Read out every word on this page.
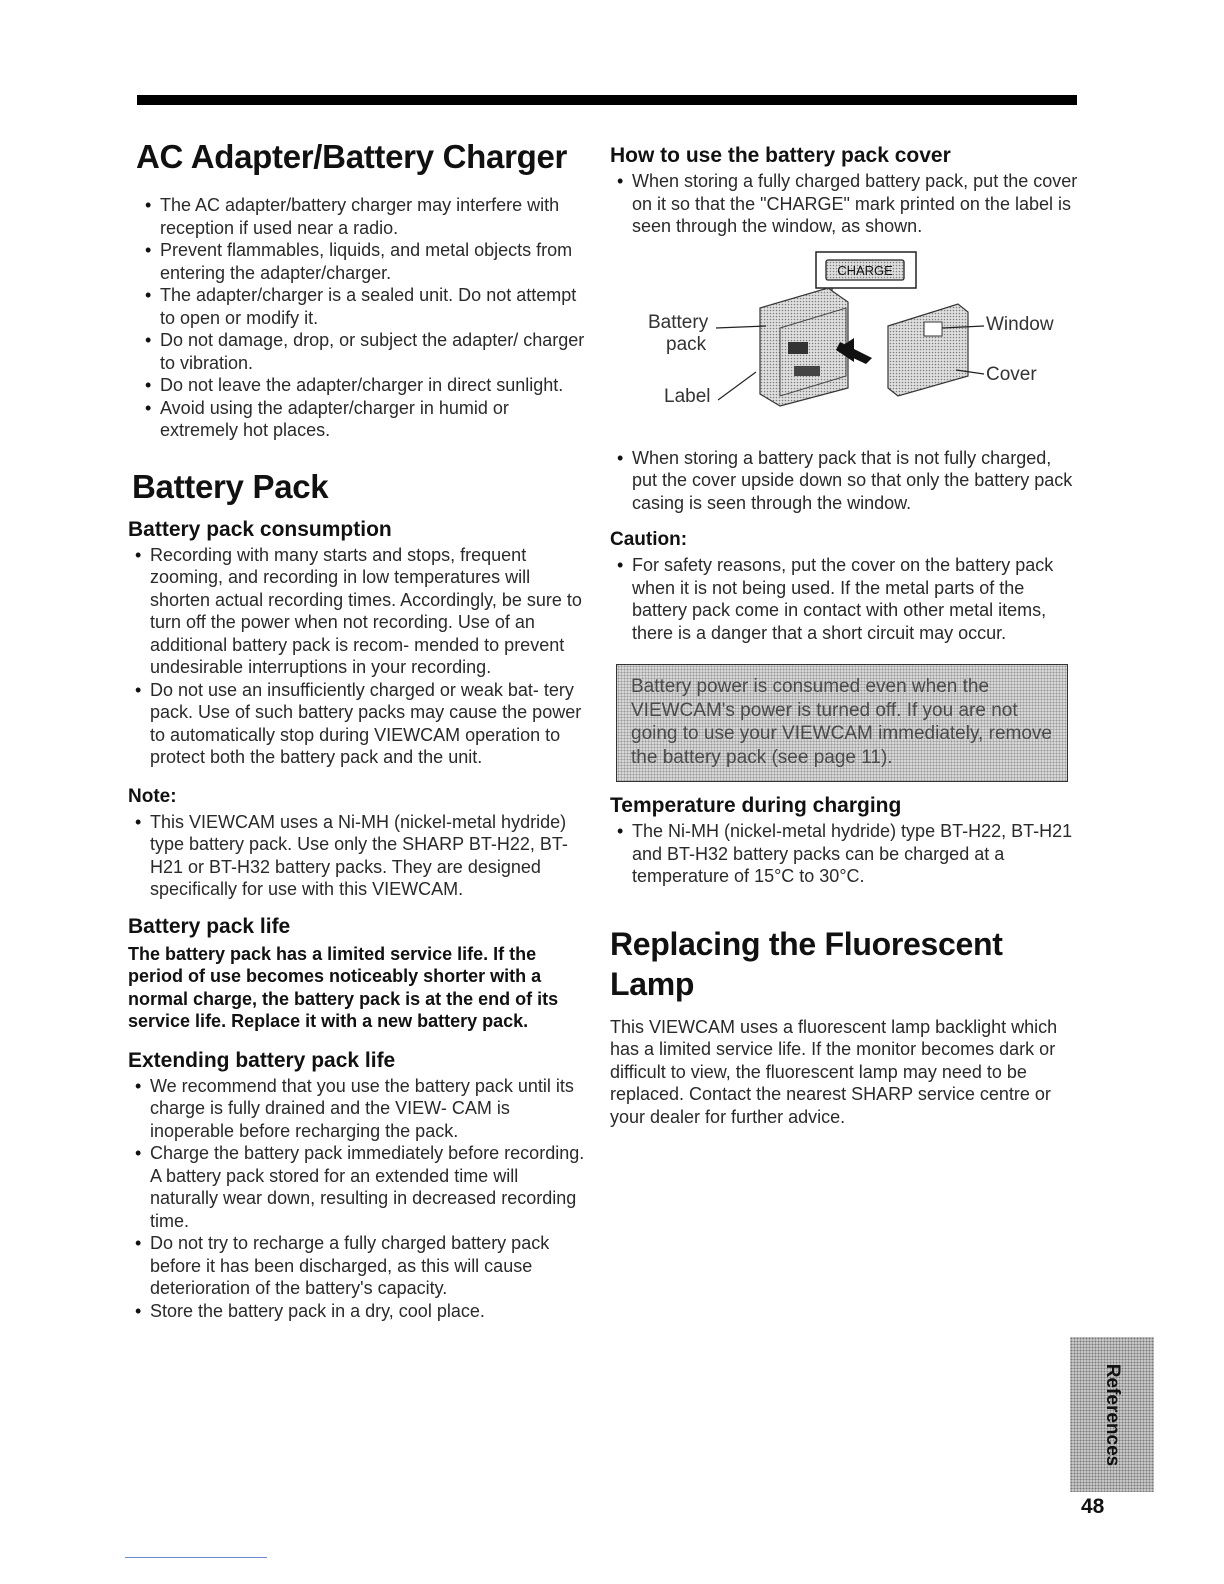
AC Adapter/Battery Charger
• The AC adapter/battery charger may interfere with reception if used near a radio.
• Prevent flammables, liquids, and metal objects from entering the adapter/charger.
• The adapter/charger is a sealed unit. Do not attempt to open or modify it.
• Do not damage, drop, or subject the adapter/ charger to vibration.
• Do not leave the adapter/charger in direct sunlight.
• Avoid using the adapter/charger in humid or extremely hot places.
Battery Pack
Battery pack consumption
• Recording with many starts and stops, frequent zooming, and recording in low temperatures will shorten actual recording times. Accordingly, be sure to turn off the power when not recording. Use of an additional battery pack is recom- mended to prevent undesirable interruptions in your recording.
• Do not use an insufficiently charged or weak bat- tery pack. Use of such battery packs may cause the power to automatically stop during VIEWCAM operation to protect both the battery pack and the unit.
Note:
• This VIEWCAM uses a Ni-MH (nickel-metal hydride) type battery pack. Use only the SHARP BT-H22, BT-H21 or BT-H32 battery packs. They are designed specifically for use with this VIEWCAM.
Battery pack life

The battery pack has a limited service life. If the period of use becomes noticeably shorter with a normal charge, the battery pack is at the end of its service life. Replace it with a new battery pack.

Extending battery pack life
• We recommend that you use the battery pack until its charge is fully drained and the VIEW- CAM is inoperable before recharging the pack.
• Charge the battery pack immediately before recording. A battery pack stored for an extended time will naturally wear down, resulting in decreased recording time.
• Do not try to recharge a fully charged battery pack before it has been discharged, as this will cause deterioration of the battery's capacity.
• Store the battery pack in a dry, cool place.
How to use the battery pack cover
• When storing a fully charged battery pack, put the cover on it so that the "CHARGE" mark printed on the label is seen through the window, as shown.
CHARGE
Battery
pack
Label
Window
Cover
• When storing a battery pack that is not fully charged, put the cover upside down so that only the battery pack casing is seen through the window.
Caution:
• For safety reasons, put the cover on the battery pack when it is not being used. If the metal parts of the battery pack come in contact with other metal items, there is a danger that a short circuit may occur.

Battery power is consumed even when the VIEWCAM's power is turned off. If you are not going to use your VIEWCAM immediately, remove the battery pack (see page 11).

Temperature during charging
• The Ni-MH (nickel-metal hydride) type BT-H22, BT-H21 and BT-H32 battery packs can be charged at a temperature of 15°C to 30°C.
Replacing the Fluorescent Lamp

This VIEWCAM uses a fluorescent lamp backlight which has a limited service life. If the monitor becomes dark or difficult to view, the fluorescent lamp may need to be replaced. Contact the nearest SHARP service centre or your dealer for further advice.

References
48
